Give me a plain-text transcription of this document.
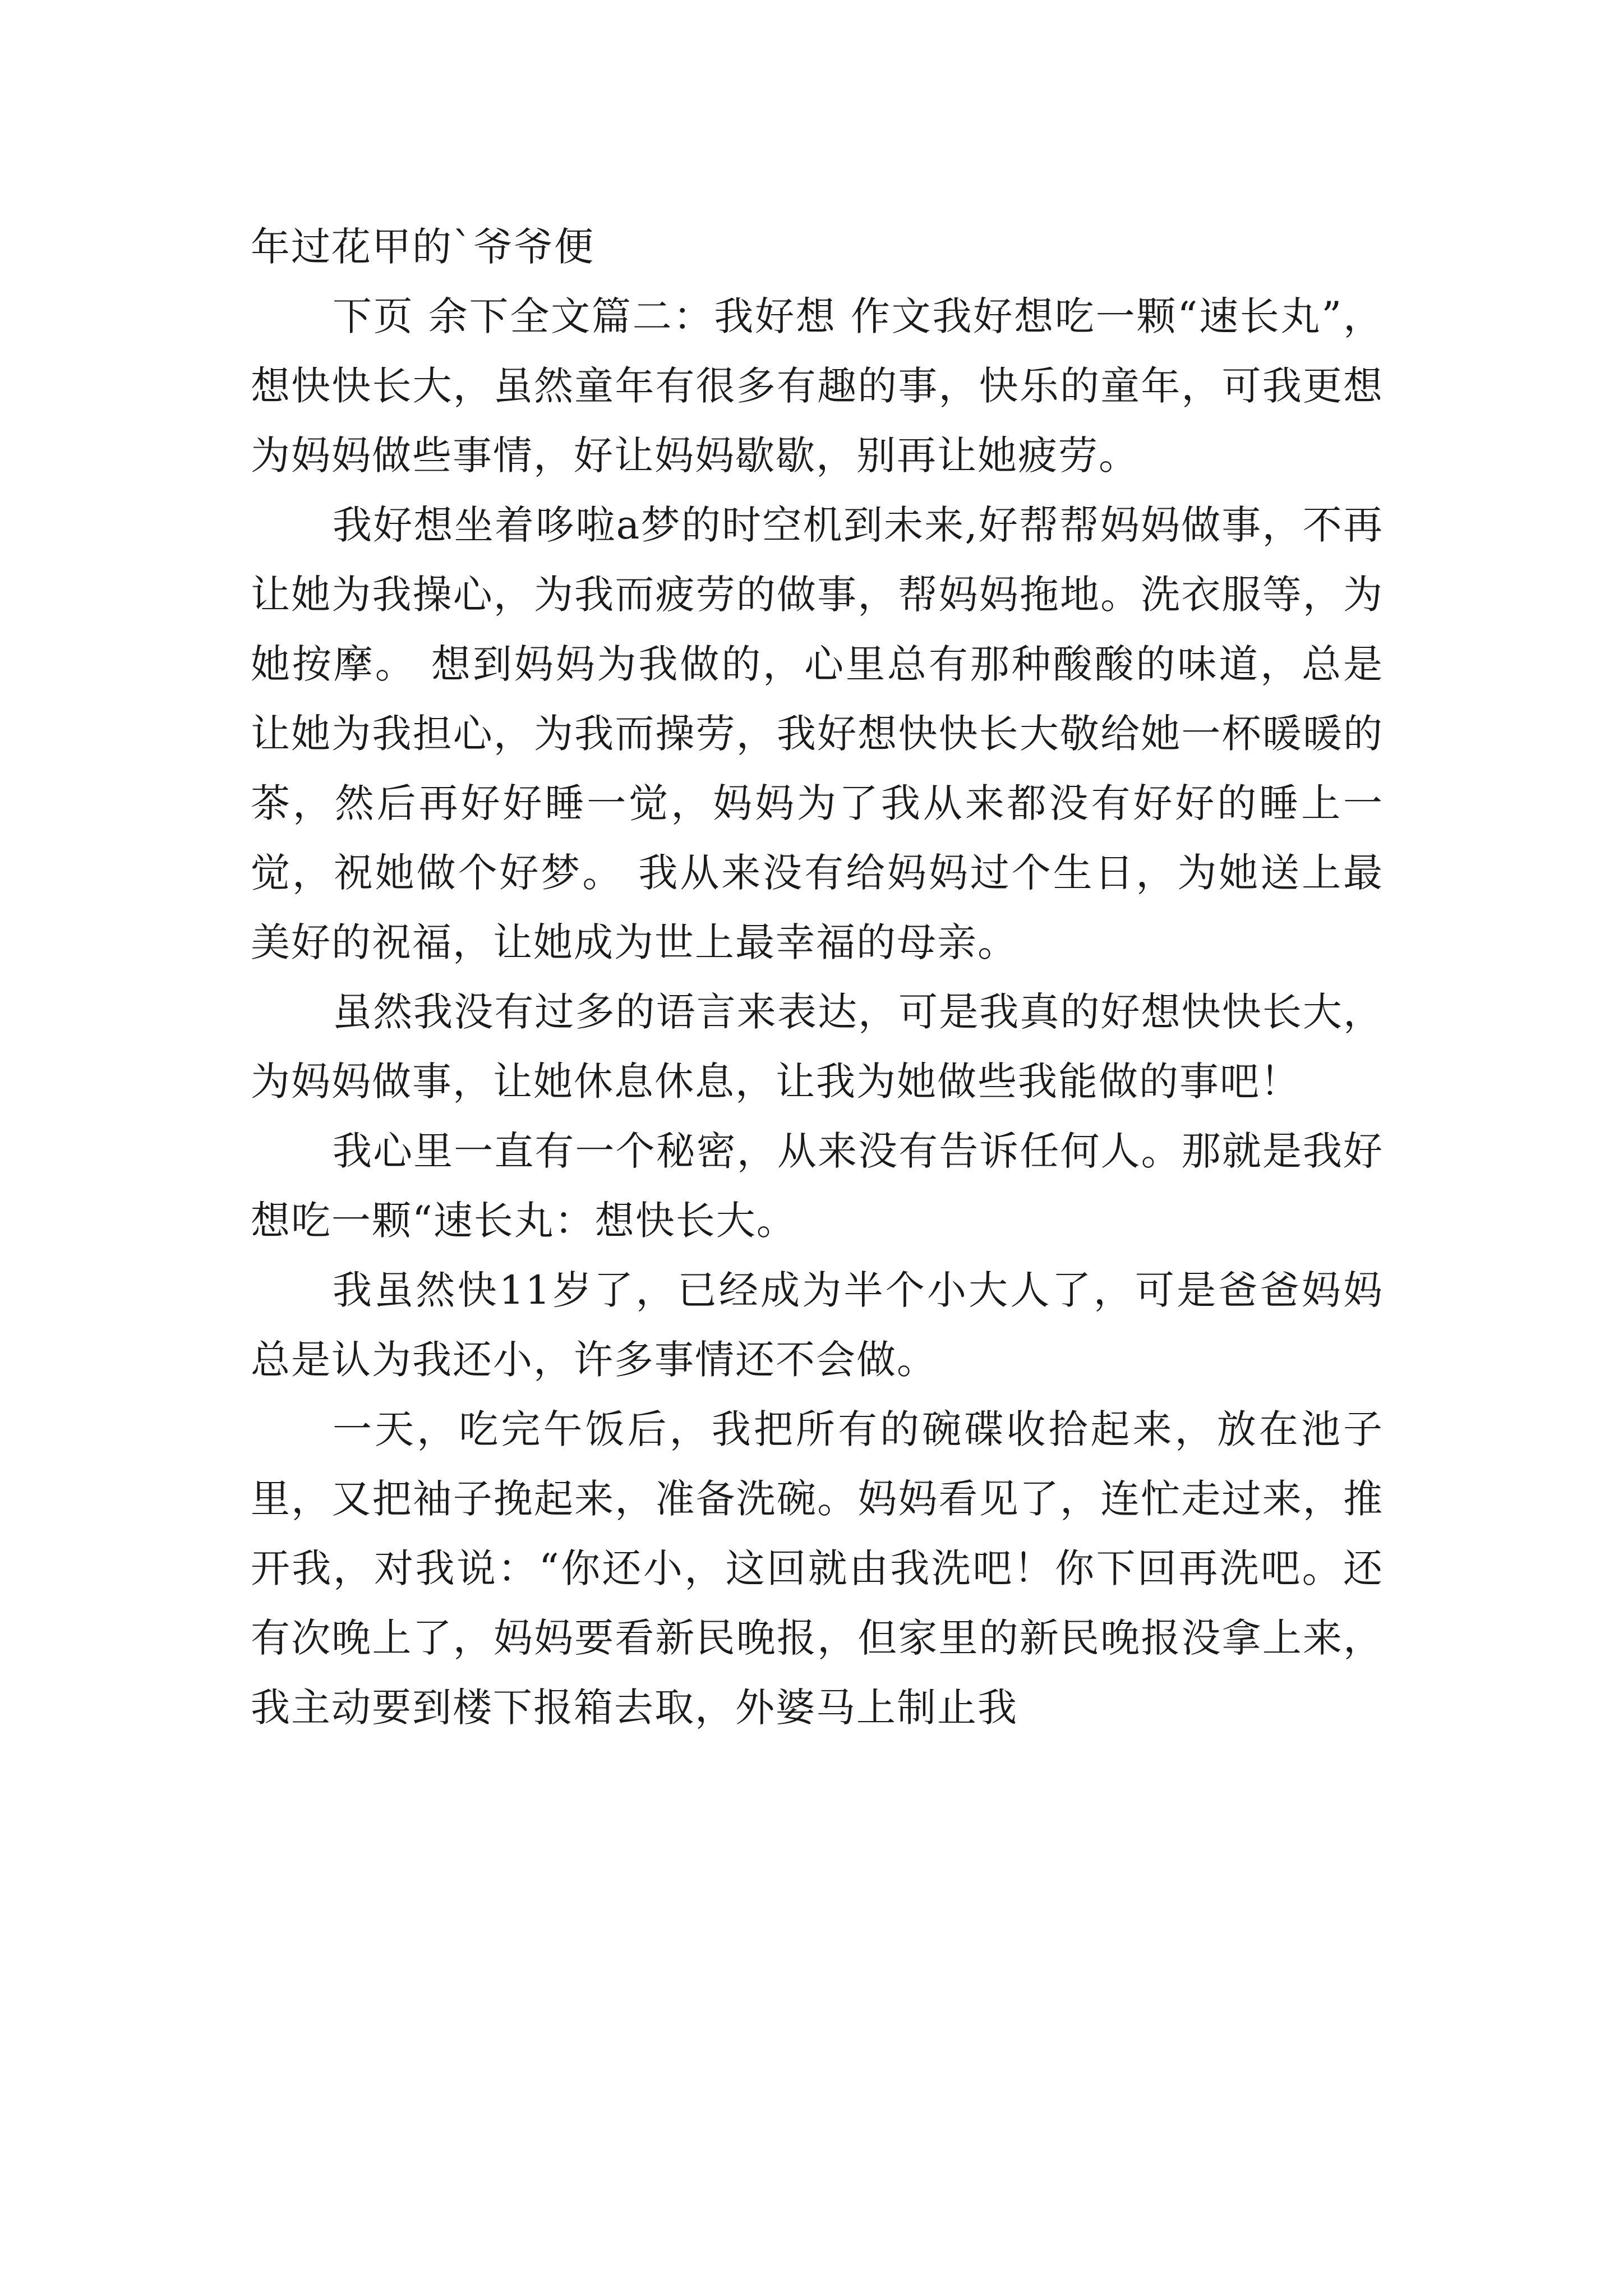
年过花甲的`爷爷便

下页 余下全文篇二：我好想 作文我好想吃一颗“速长丸”，想快快长大，虽然童年有很多有趣的事，快乐的童年，可我更想为妈妈做些事情，好让妈妈歇歇，别再让她疲劳。

我好想坐着哆啦a梦的时空机到未来,好帮帮妈妈做事，不再让她为我操心，为我而疲劳的做事，帮妈妈拖地。洗衣服等，为她按摩。 想到妈妈为我做的，心里总有那种酸酸的味道，总是让她为我担心，为我而操劳，我好想快快长大敬给她一杯暖暖的茶，然后再好好睡一觉，妈妈为了我从来都没有好好的睡上一觉，祝她做个好梦。 我从来没有给妈妈过个生日，为她送上最美好的祝福，让她成为世上最幸福的母亲。

虽然我没有过多的语言来表达，可是我真的好想快快长大，为妈妈做事，让她休息休息，让我为她做些我能做的事吧！

我心里一直有一个秘密，从来没有告诉任何人。那就是我好想吃一颗“速长丸：想快长大。

我虽然快11岁了，已经成为半个小大人了，可是爸爸妈妈总是认为我还小，许多事情还不会做。

一天，吃完午饭后，我把所有的碗碟收拾起来，放在池子里，又把袖子挽起来，准备洗碗。妈妈看见了，连忙走过来，推开我，对我说：“你还小，这回就由我洗吧！你下回再洗吧。还有次晚上了，妈妈要看新民晚报，但家里的新民晚报没拿上来，我主动要到楼下报箱去取，外婆马上制止我
